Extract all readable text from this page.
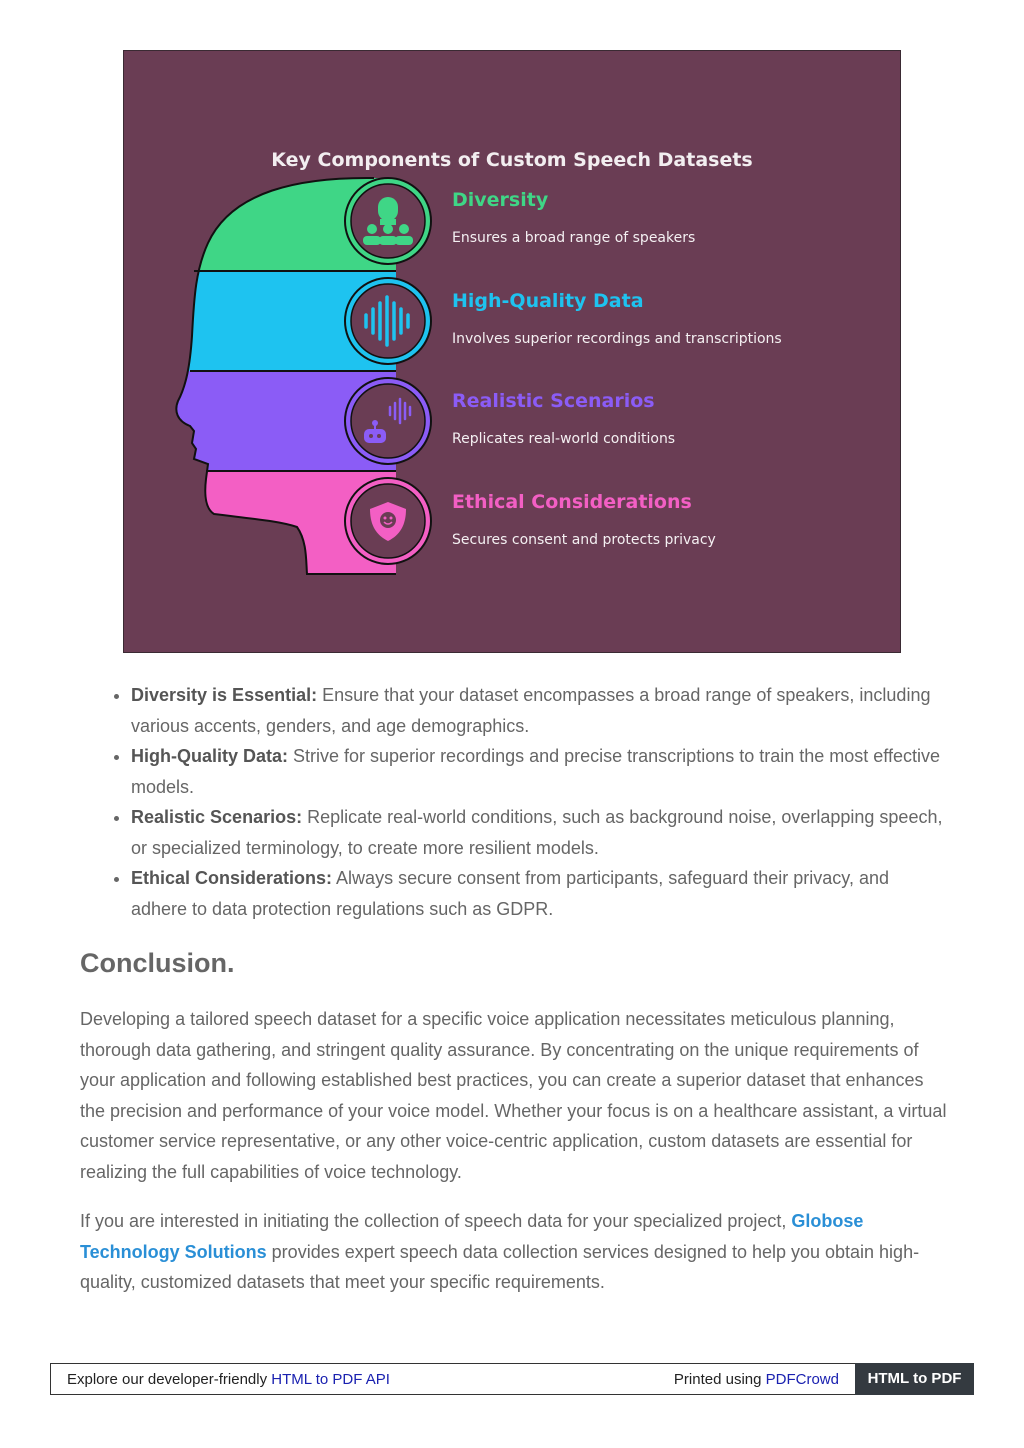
Key Components of Custom Speech Datasets
Diversity
Ensures a broad range of speakers
High-Quality Data
Involves superior recordings and transcriptions
Realistic Scenarios
Replicates real-world conditions
Ethical Considerations
Secures consent and protects privacy
• Diversity is Essential: Ensure that your dataset encompasses a broad range of speakers, including various accents, genders, and age demographics.
• High-Quality Data: Strive for superior recordings and precise transcriptions to train the most effective models.
• Realistic Scenarios: Replicate real-world conditions, such as background noise, overlapping speech, or specialized terminology, to create more resilient models.
• Ethical Considerations: Always secure consent from participants, safeguard their privacy, and adhere to data protection regulations such as GDPR.
Conclusion.

Developing a tailored speech dataset for a specific voice application necessitates meticulous planning, thorough data gathering, and stringent quality assurance. By concentrating on the unique requirements of your application and following established best practices, you can create a superior dataset that enhances the precision and performance of your voice model. Whether your focus is on a healthcare assistant, a virtual customer service representative, or any other voice-centric application, custom datasets are essential for realizing the full capabilities of voice technology.

If you are interested in initiating the collection of speech data for your specialized project, Globose Technology Solutions provides expert speech data collection services designed to help you obtain high-quality, customized datasets that meet your specific requirements.

Explore our developer-friendly HTML to PDF API	Printed using PDFCrowd	HTML to PDF
